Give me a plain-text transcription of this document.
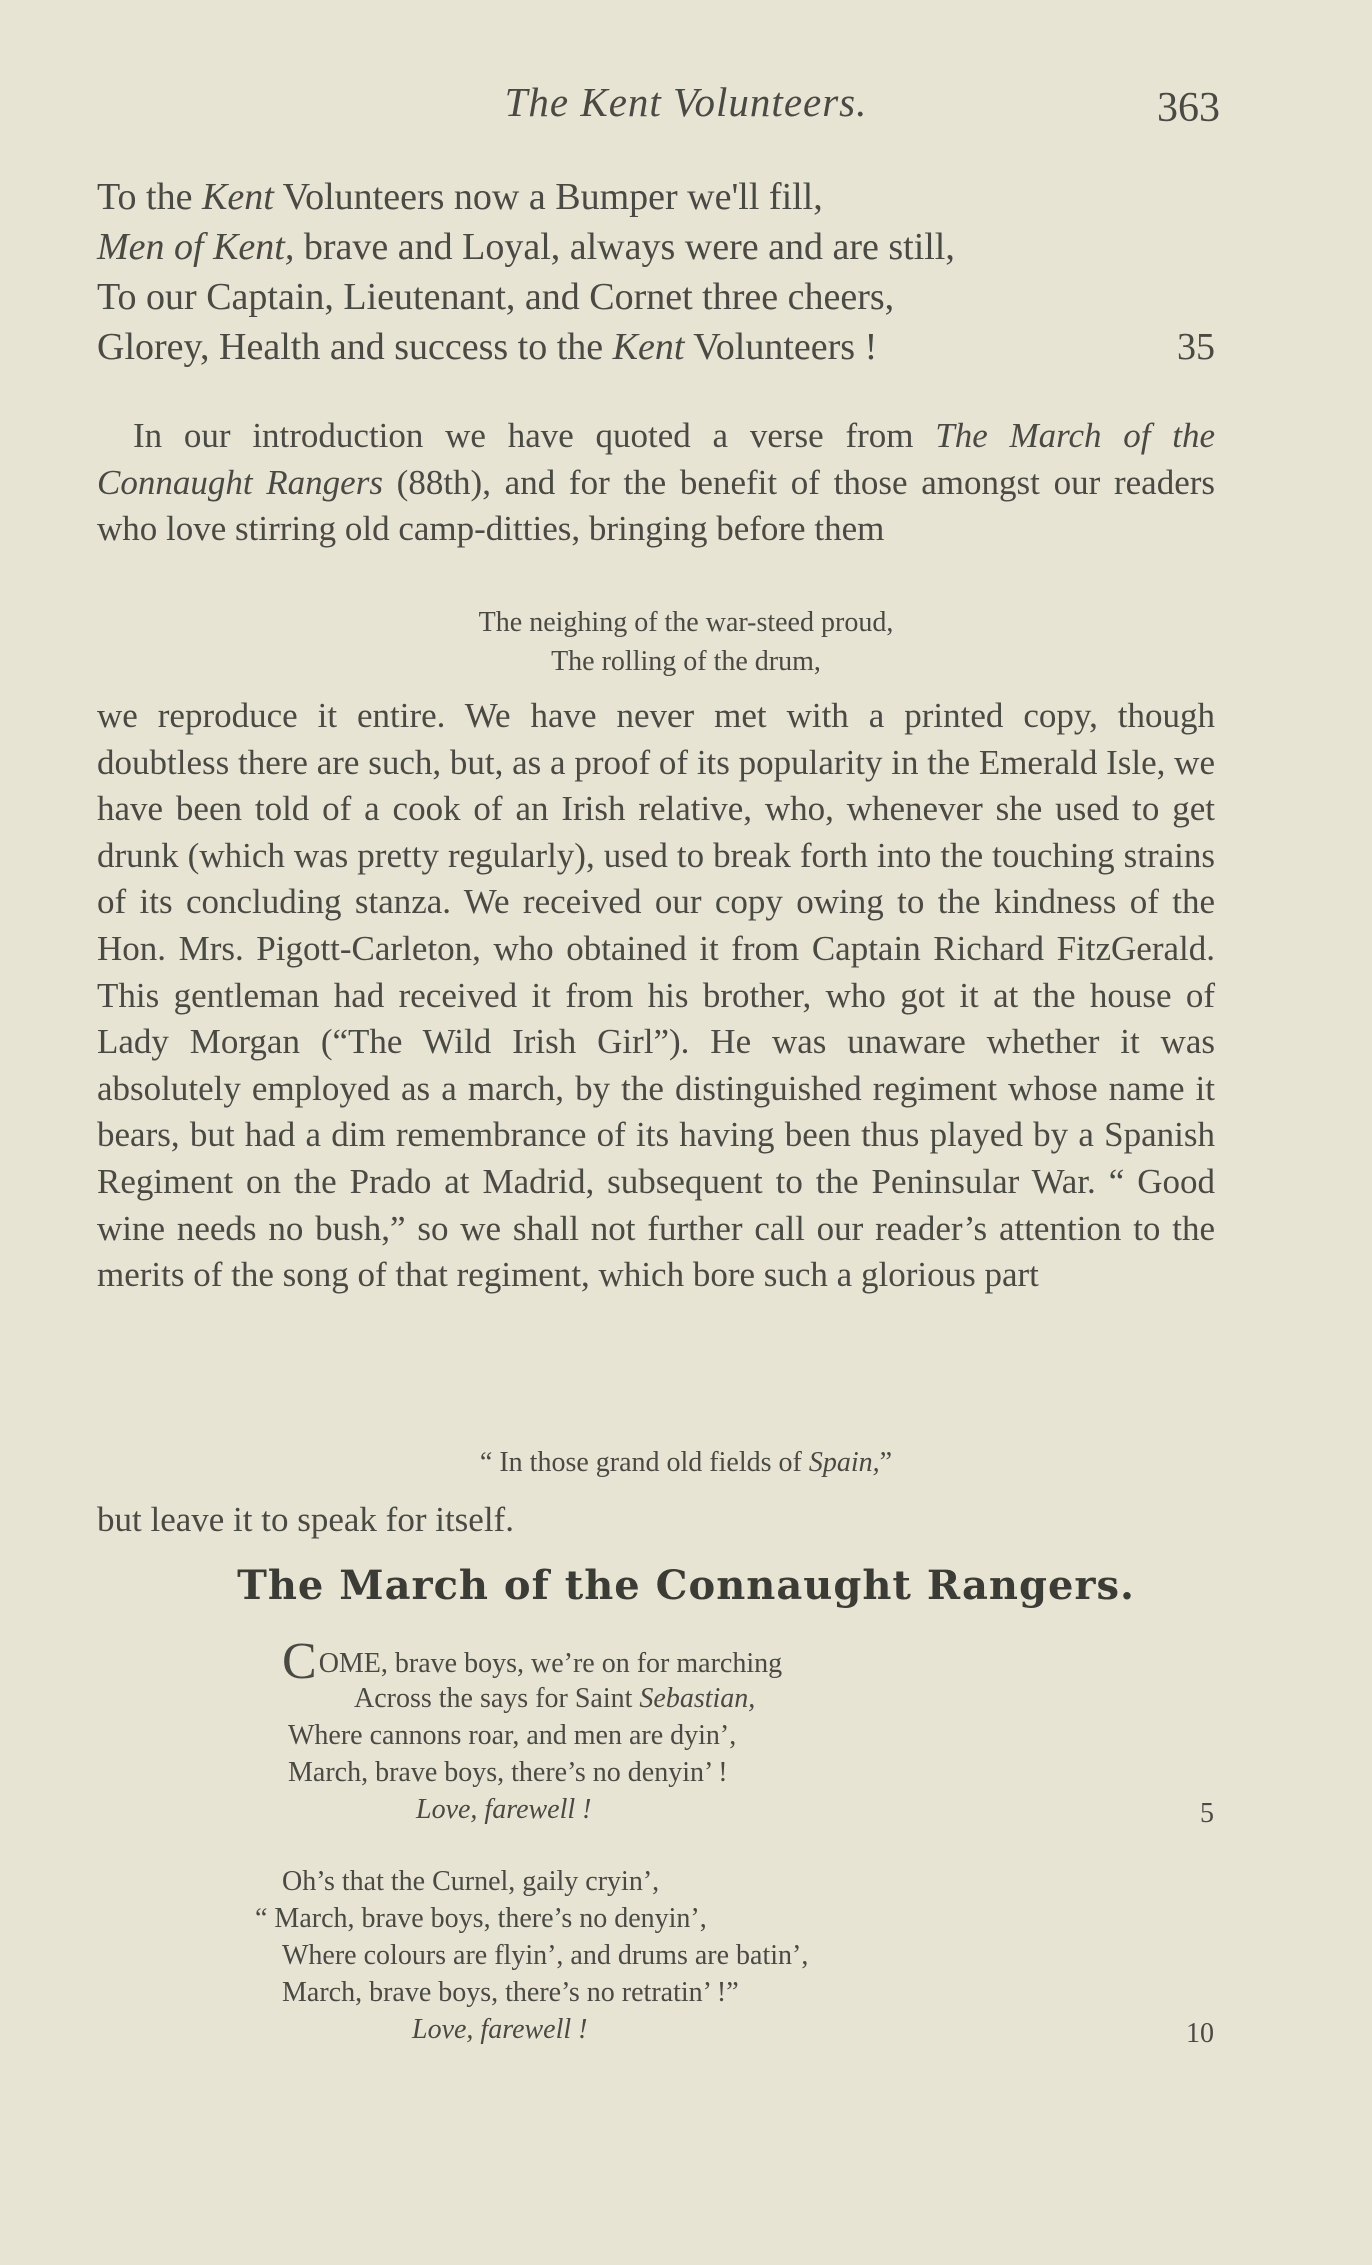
The Kent Volunteers.	363
To the Kent Volunteers now a Bumper we'll fill,
Men of Kent, brave and Loyal, always were and are still,
To our Captain, Lieutenant, and Cornet three cheers,
Glorey, Health and success to the Kent Volunteers !	35

In our introduction we have quoted a verse from The March of the Connaught Rangers (88th), and for the benefit of those amongst our readers who love stirring old camp-ditties, bringing before them

The neighing of the war-steed proud,
The rolling of the drum,

we reproduce it entire. We have never met with a printed copy, though doubtless there are such, but, as a proof of its popularity in the Emerald Isle, we have been told of a cook of an Irish relative, who, whenever she used to get drunk (which was pretty regularly), used to break forth into the touching strains of its concluding stanza. We received our copy owing to the kindness of the Hon. Mrs. Pigott-Carleton, who obtained it from Captain Richard FitzGerald. This gentleman had received it from his brother, who got it at the house of Lady Morgan (“The Wild Irish Girl”). He was unaware whether it was absolutely employed as a march, by the distinguished regiment whose name it bears, but had a dim remembrance of its having been thus played by a Spanish Regiment on the Prado at Madrid, subsequent to the Peninsular War. “ Good wine needs no bush,” so we shall not further call our reader’s attention to the merits of the song of that regiment, which bore such a glorious part

“ In those grand old fields of Spain,”

but leave it to speak for itself.

The March of the Connaught Rangers.
COME, brave boys, we’re on for marching
Across the says for Saint Sebastian,
Where cannons roar, and men are dyin’,
March, brave boys, there’s no denyin’ !
Love, farewell !	5
Oh’s that the Curnel, gaily cryin’,
“ March, brave boys, there’s no denyin’,
Where colours are flyin’, and drums are batin’,
March, brave boys, there’s no retratin’ !”
Love, farewell !	10
